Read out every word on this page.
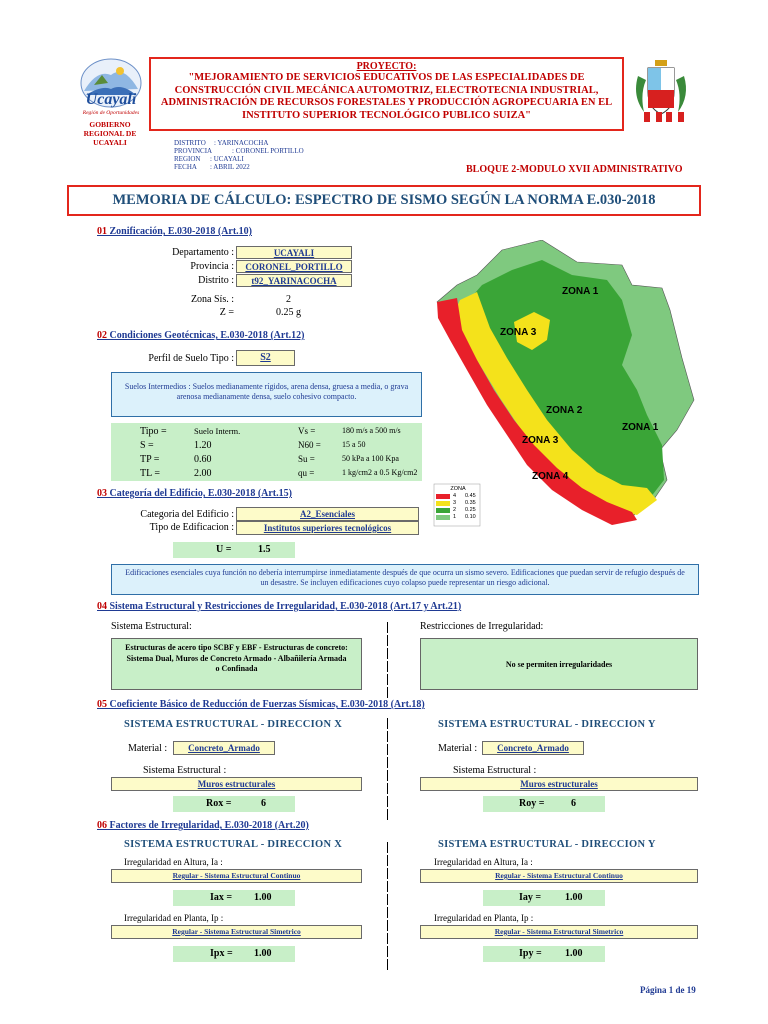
Ucayali
Región de Oportunidades
GOBIERNO REGIONAL DE UCAYALI
PROYECTO:
"MEJORAMIENTO DE SERVICIOS EDUCATIVOS DE LAS ESPECIALIDADES DE CONSTRUCCIÓN CIVIL MECÁNICA AUTOMOTRIZ, ELECTROTECNIA INDUSTRIAL, ADMINISTRACIÓN DE RECURSOS FORESTALES Y PRODUCCIÓN AGROPECUARIA EN EL INSTITUTO SUPERIOR TECNOLÓGICO PUBLICO SUIZA"
DISTRITO : YARINACOCHA
PROVINCIA	: CORONEL PORTILLO
REGION : UCAYALI
FECHA : ABRIL 2022	BLOQUE 2-MODULO XVII ADMINISTRATIVO
MEMORIA DE CÁLCULO: ESPECTRO DE SISMO SEGÚN LA NORMA E.030-2018
ZONA 1
ZONA 3
ZONA 2
ZONA 1
ZONA 3
ZONA 4
ZONA
4	0.45
3	0.35
2	0.25
1	0.10
01 Zonificación, E.030-2018 (Art.10)
Departamento :	UCAYALI
Provincia :	CORONEL_PORTILLO
Distrito :	t92_YARINACOCHA
Zona Sís. :	2
Z =	0.25 g
02 Condiciones Geotécnicas, E.030-2018 (Art.12)
Perfil de Suelo Tipo :	S2
Suelos Intermedios : Suelos medianamente rígidos, arena densa, gruesa a media, o grava arenosa medianamente densa, suelo cohesivo compacto.
Tipo =	Suelo Interm.	Vs =	180 m/s a 500 m/s
S =	1.20	N60 =	15 a 50
TP =	0.60	Su =	50 kPa a 100 Kpa
TL =	2.00	qu =	1 kg/cm2 a 0.5 Kg/cm2
03 Categoría del Edificio, E.030-2018 (Art.15)
Categoria del Edificio :	A2_Esenciales
Tipo de Edificacion :	Institutos superiores tecnológicos
U =	1.5
Edificaciones esenciales cuya función no debería interrumpirse inmediatamente después de que ocurra un sismo severo. Edificaciones que puedan servir de refugio después de un desastre. Se incluyen edificaciones cuyo colapso puede representar un riesgo adicional.
04 Sistema Estructural y Restricciones de Irregularidad, E.030-2018 (Art.17 y Art.21)
Sistema Estructural:	Restricciones de Irregularidad:
Estructuras de acero tipo SCBF y EBF - Estructuras de concreto: Sistema Dual, Muros de Concreto Armado - Albañilería Armada o Confinada	No se permiten irregularidades
05 Coeficiente Básico de Reducción de Fuerzas Sísmicas, E.030-2018 (Art.18)
SISTEMA ESTRUCTURAL - DIRECCION X	SISTEMA ESTRUCTURAL - DIRECCION Y
Material :	Concreto_Armado	Material :	Concreto_Armado
Sistema Estructural :
Muros estructurales
Sistema Estructural :
Muros estructurales
Rox =	6	Roy =	6
06 Factores de Irregularidad, E.030-2018 (Art.20)
SISTEMA ESTRUCTURAL - DIRECCION X	SISTEMA ESTRUCTURAL - DIRECCION Y
Irregularidad en Altura, Ia :
Regular - Sistema Estructural Continuo
Irregularidad en Altura, Ia :
Regular - Sistema Estructural Continuo
Iax = 1.00	Iay = 1.00
Irregularidad en Planta, Ip :
Regular - Sistema Estructural Simetrico
Irregularidad en Planta, Ip :
Regular - Sistema Estructural Simetrico
Ipx = 1.00	Ipy = 1.00
Página 1 de 19
